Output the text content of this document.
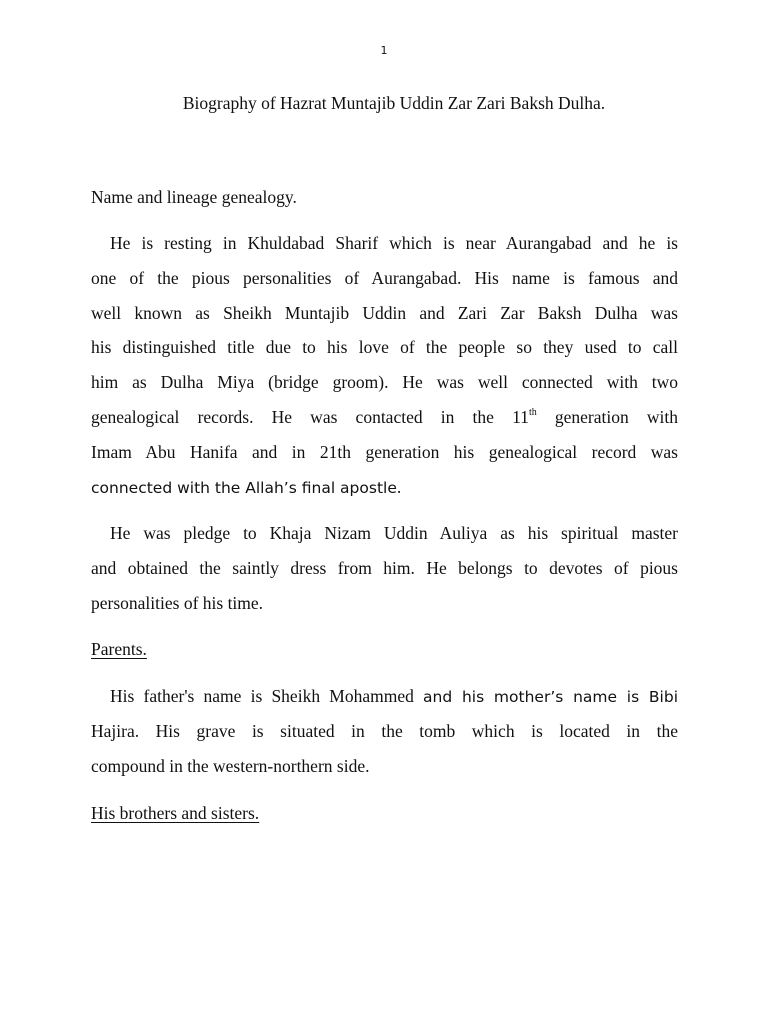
1
Biography of Hazrat Muntajib Uddin Zar Zari Baksh Dulha.
Name and lineage genealogy.
He is resting in Khuldabad Sharif which is near Aurangabad and he is
one of the pious personalities of Aurangabad. His name is famous and
well known as Sheikh Muntajib Uddin and Zari Zar Baksh Dulha was
his distinguished title due to his love of the people so they used to call
him as Dulha Miya (bridge groom). He was well connected with two
genealogical records. He was contacted in the 11th generation with
Imam Abu Hanifa and in 21th generation his genealogical record was
connected with the Allah’s final apostle.
He was pledge to Khaja Nizam Uddin Auliya as his spiritual master
and obtained the saintly dress from him. He belongs to devotes of pious
personalities of his time.
Parents.
His father's name is Sheikh Mohammed and his mother’s name is Bibi
Hajira. His grave is situated in the tomb which is located in the
compound in the western-northern side.
His brothers and sisters.
